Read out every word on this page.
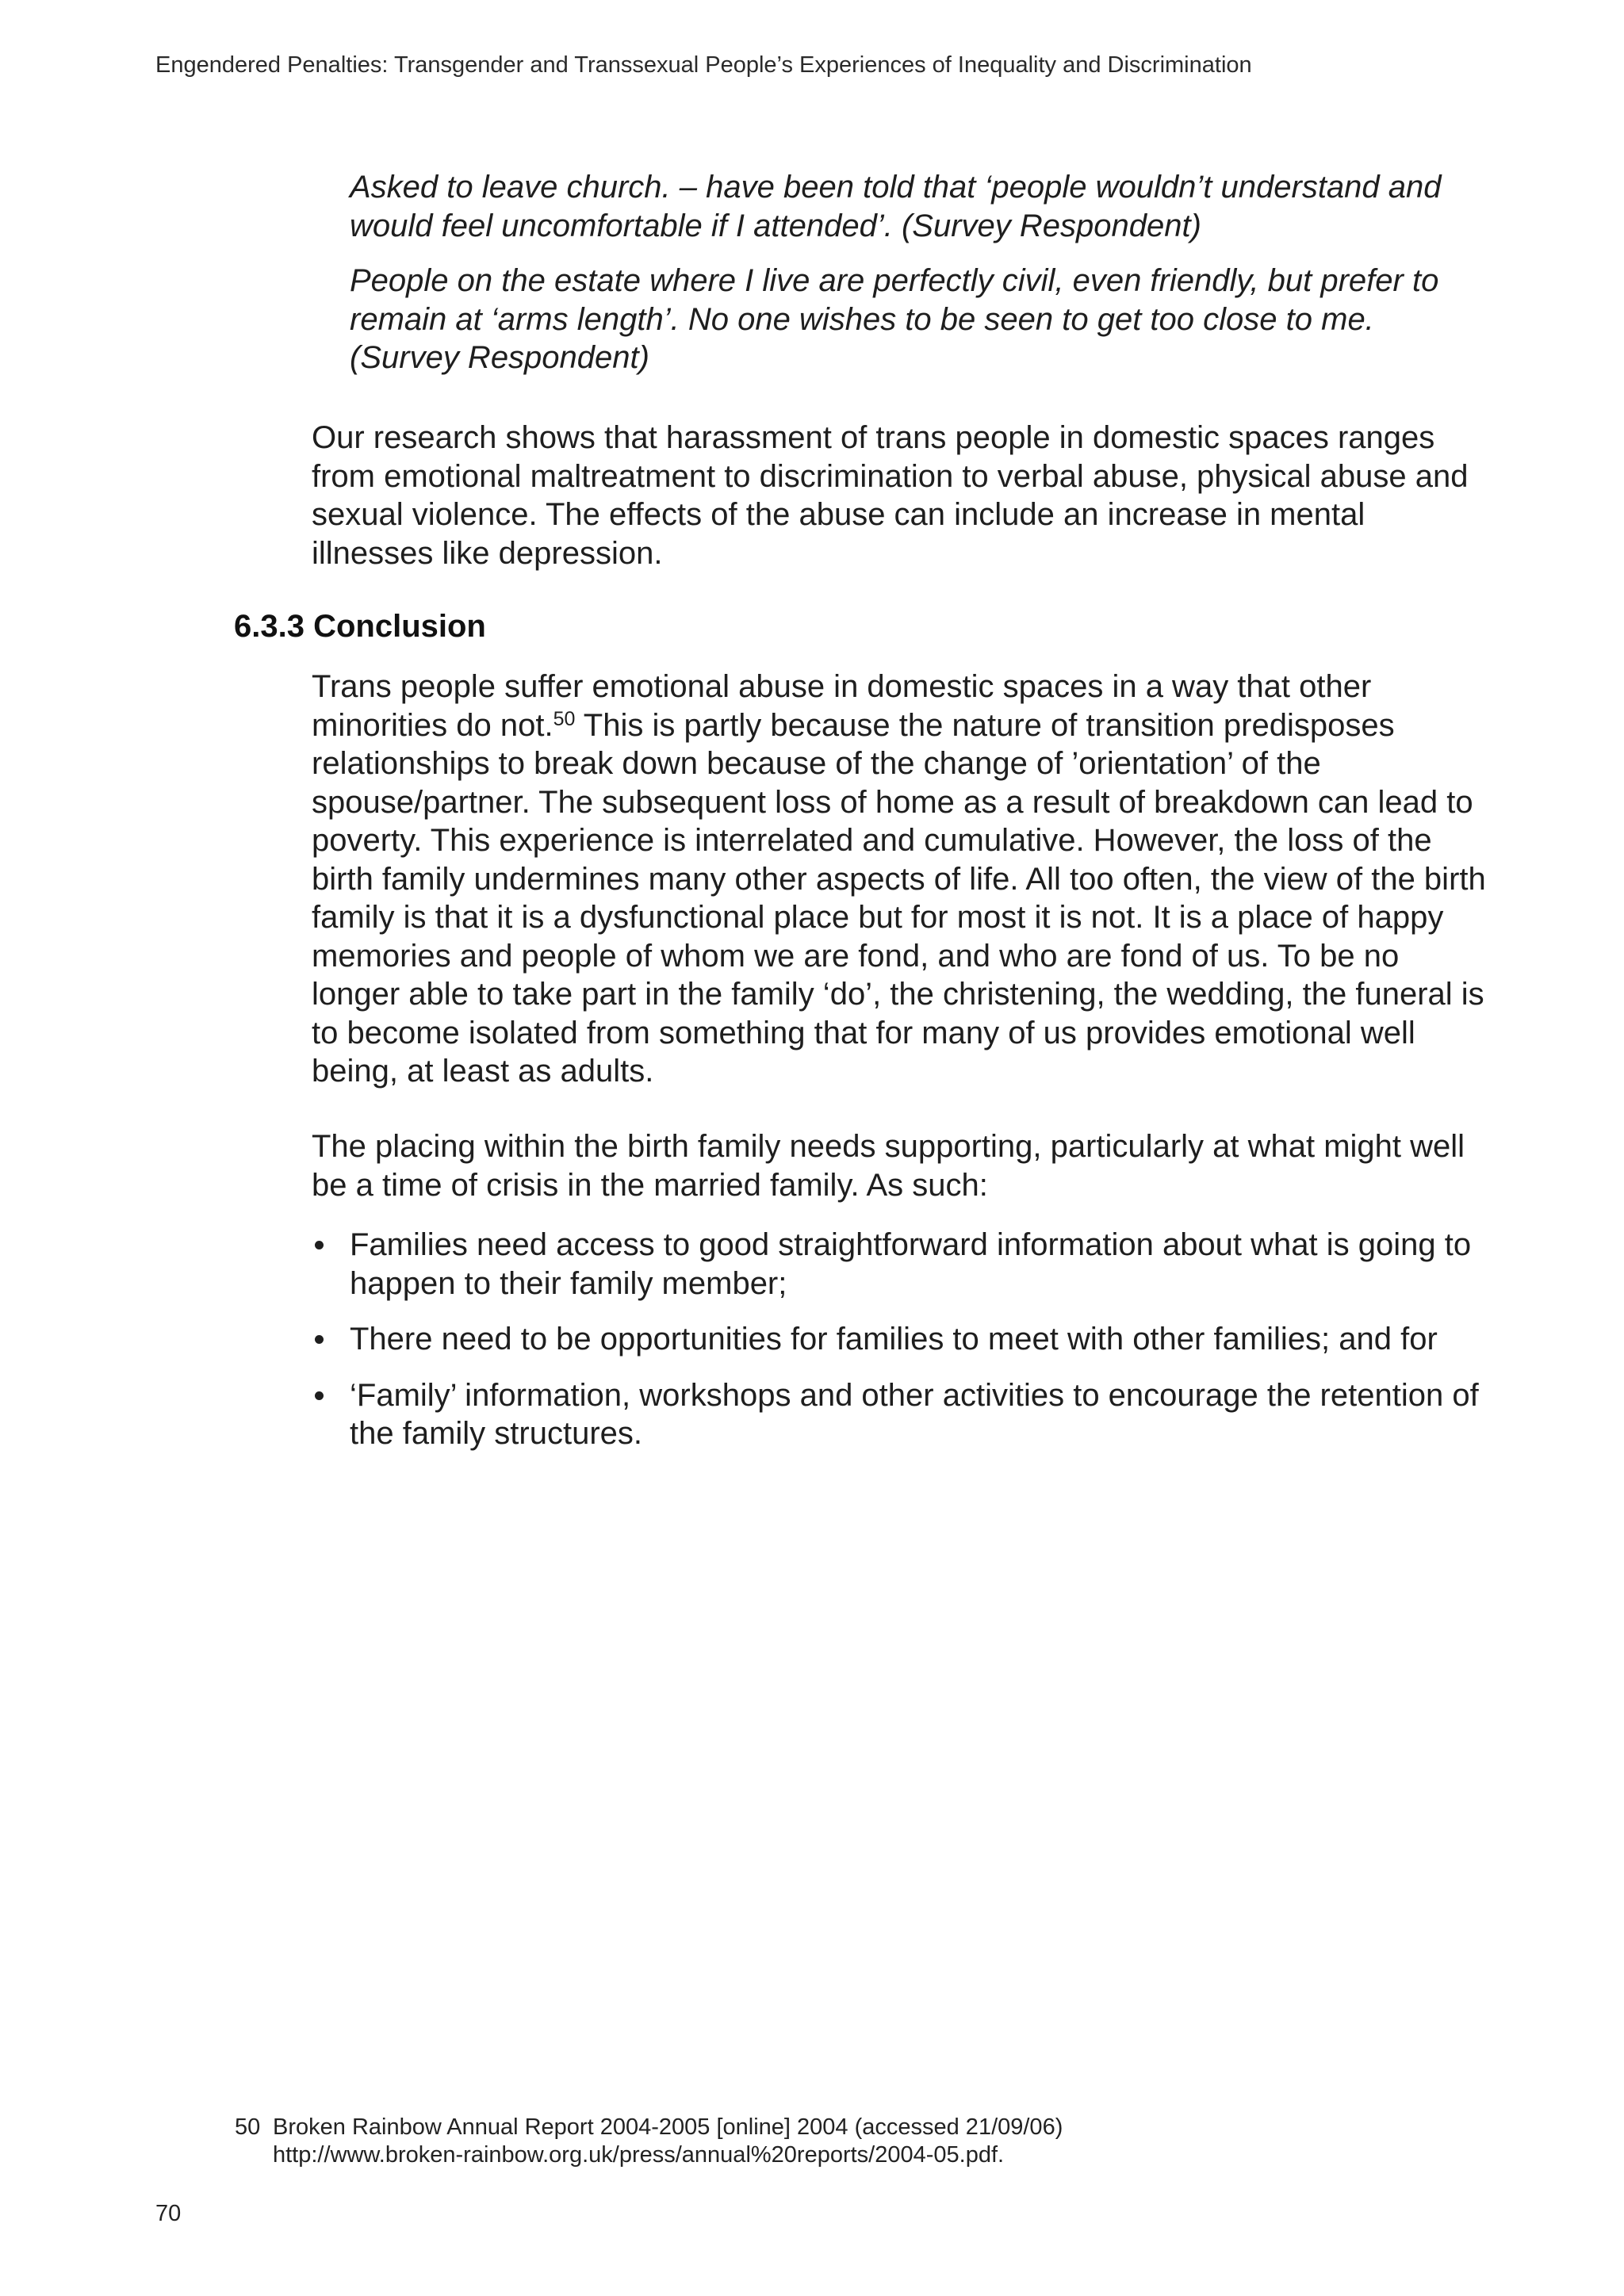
Engendered Penalties: Transgender and Transsexual People’s Experiences of Inequality and Discrimination

Asked to leave church. – have been told that ‘people wouldn’t understand and would feel uncomfortable if I attended’. (Survey Respondent)

People on the estate where I live are perfectly civil, even friendly, but prefer to remain at ‘arms length’. No one wishes to be seen to get too close to me. (Survey Respondent)

Our research shows that harassment of trans people in domestic spaces ranges from emotional maltreatment to discrimination to verbal abuse, physical abuse and sexual violence. The effects of the abuse can include an increase in mental illnesses like depression.

6.3.3 Conclusion

Trans people suffer emotional abuse in domestic spaces in a way that other minorities do not.$^{50}$ This is partly because the nature of transition predisposes relationships to break down because of the change of ’orientation’ of the spouse/partner. The subsequent loss of home as a result of breakdown can lead to poverty. This experience is interrelated and cumulative. However, the loss of the birth family undermines many other aspects of life. All too often, the view of the birth family is that it is a dysfunctional place but for most it is not. It is a place of happy memories and people of whom we are fond, and who are fond of us. To be no longer able to take part in the family ‘do’, the christening, the wedding, the funeral is to become isolated from something that for many of us provides emotional well being, at least as adults.

The placing within the birth family needs supporting, particularly at what might well be a time of crisis in the married family. As such:

Families need access to good straightforward information about what is going to happen to their family member;
There need to be opportunities for families to meet with other families; and for
‘Family’ information, workshops and other activities to encourage the retention of the family structures.
50 Broken Rainbow Annual Report 2004-2005 [online] 2004 (accessed 21/09/06)
http://www.broken-rainbow.org.uk/press/annual%20reports/2004-05.pdf.
70
